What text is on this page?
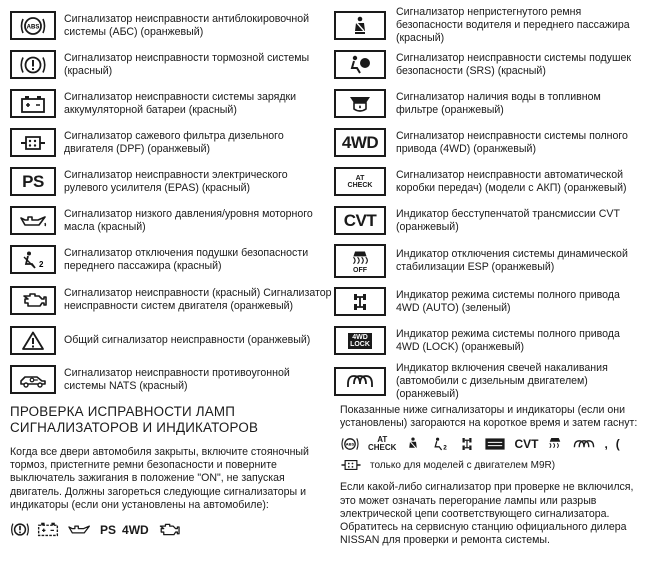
ABS
Сигнализатор неисправности антиблокировочной системы (АБС) (оранжевый)
Сигнализатор неисправности тормозной системы (красный)
Сигнализатор неисправности системы зарядки аккумуляторной батареи (красный)
Сигнализатор сажевого фильтра дизельного двигателя (DPF) (оранжевый)
PS Сигнализатор неисправности электрического рулевого усилителя (EPAS) (красный)
Сигнализатор низкого давления/уровня моторного масла (красный)
2
Сигнализатор отключения подушки безопасности переднего пассажира (красный)
Сигнализатор неисправности (красный) Сигнализатор неисправности систем двигателя (оранжевый)
Общий сигнализатор неисправности (оранжевый)
Сигнализатор неисправности противоугонной системы NATS (красный)
Сигнализатор непристегнутого ремня безопасности водителя и переднего пассажира (красный)
Сигнализатор неисправности системы подушек безопасности (SRS) (красный)
Сигнализатор наличия воды в топливном фильтре (оранжевый)
4WD Сигнализатор неисправности системы полного привода (4WD) (оранжевый)
AT
CHECK
Сигнализатор неисправности автоматической коробки передач) (модели с АКП) (оранжевый)
CVT Индикатор бесступенчатой трансмиссии CVT (оранжевый)
OFF
Индикатор отключения системы динамической стабилизации ESP (оранжевый)
Индикатор режима системы полного привода 4WD (AUTO) (зеленый)
4WD
LOCK
Индикатор режима системы полного привода 4WD (LOCK) (оранжевый)
Индикатор включения свечей накаливания (автомобили с дизельным двигателем) (оранжевый)
ПРОВЕРКА ИСПРАВНОСТИ ЛАМП
СИГНАЛИЗАТОРОВ И ИНДИКАТОРОВ

Когда все двери автомобиля закрыты, включите стояночный тормоз, пристегните ремни безопасности и поверните выключатель зажигания в положение "ON", не запуская двигатель. Должны загореться следующие сигнализаторы и индикаторы (если они установлены на автомобиле):

PS 4WD

Показанные ниже сигнализаторы и индикаторы (если они установлены) загораются на короткое время и затем гаснут:

ABS
AT
CHECK	2	CVT	, (
только для моделей с двигателем M9R)

Если какой-либо сигнализатор при проверке не включился, это может означать перегорание лампы или разрыв электрической цепи соответствующего сигнализатора. Обратитесь на сервисную станцию официального дилера NISSAN для проверки и ремонта системы.
